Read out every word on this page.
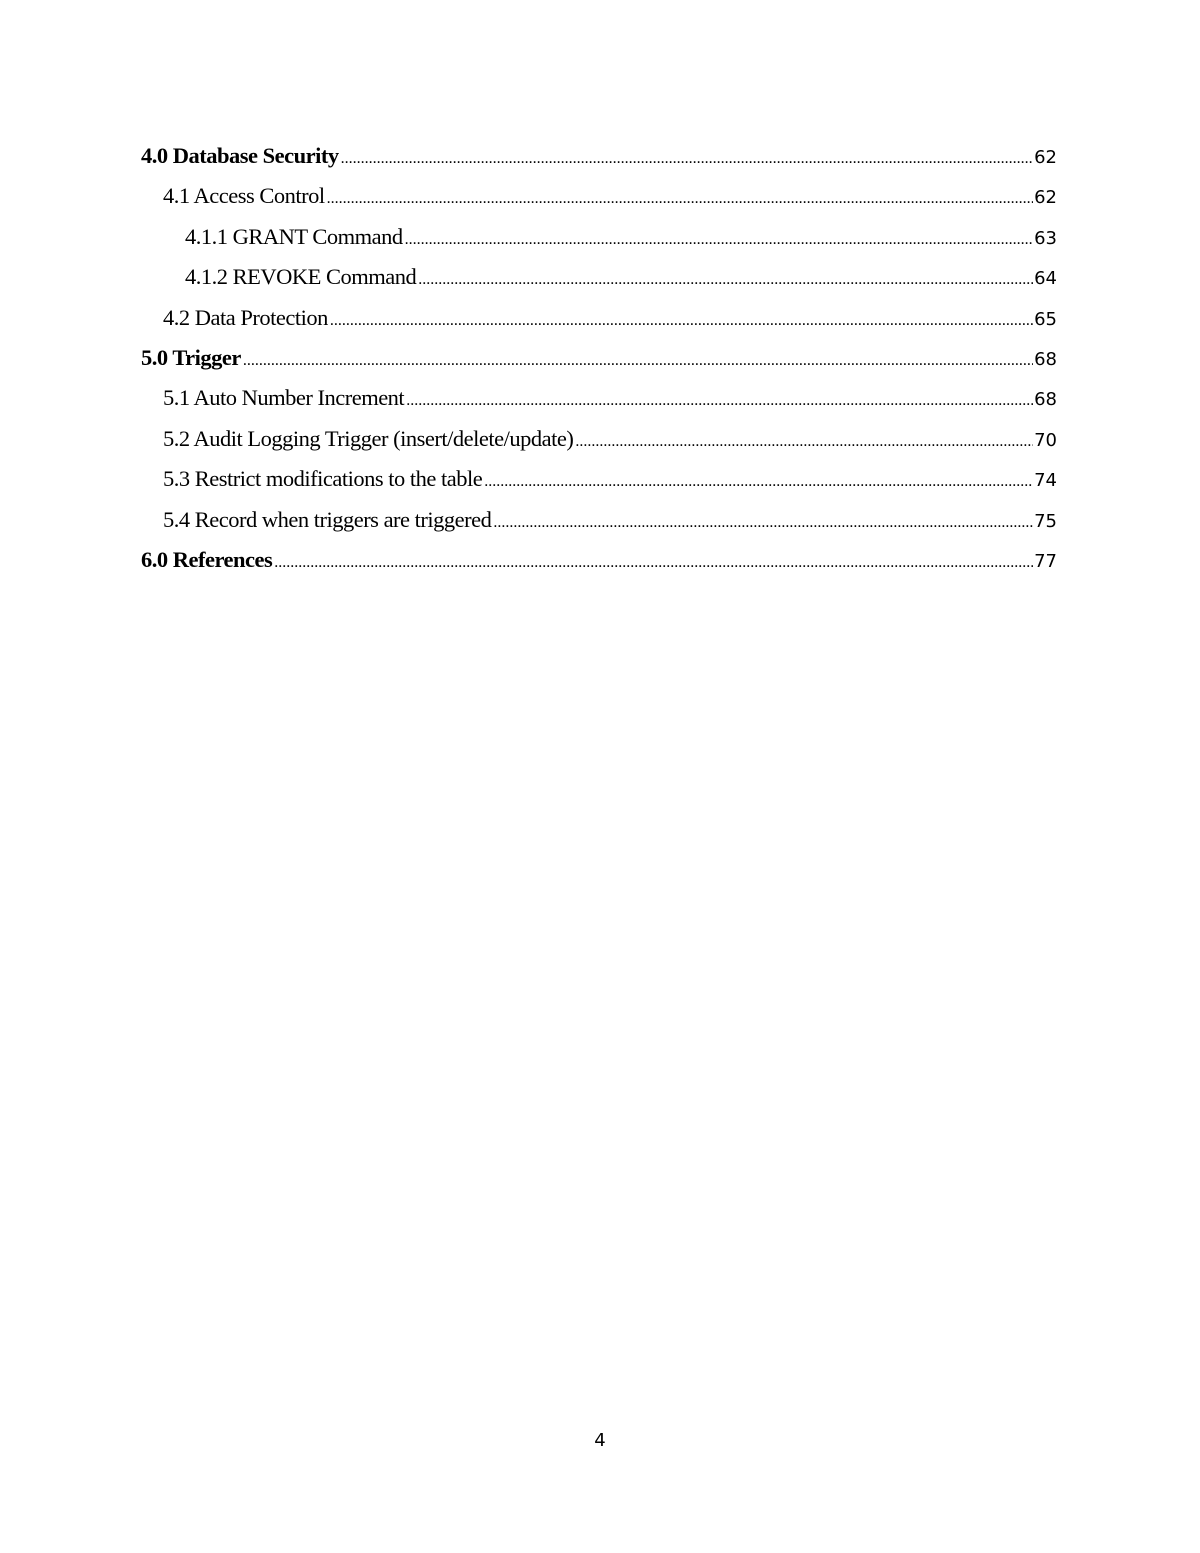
4.0 Database Security .....	62
4.1 Access Control .....	62
4.1.1 GRANT Command .....	63
4.1.2 REVOKE Command .....	64
4.2 Data Protection .....	65
5.0 Trigger .....	68
5.1 Auto Number Increment .....	68
5.2 Audit Logging Trigger (insert/delete/update) .....	70
5.3 Restrict modifications to the table .....	74
5.4 Record when triggers are triggered .....	75
6.0 References .....	77
4
